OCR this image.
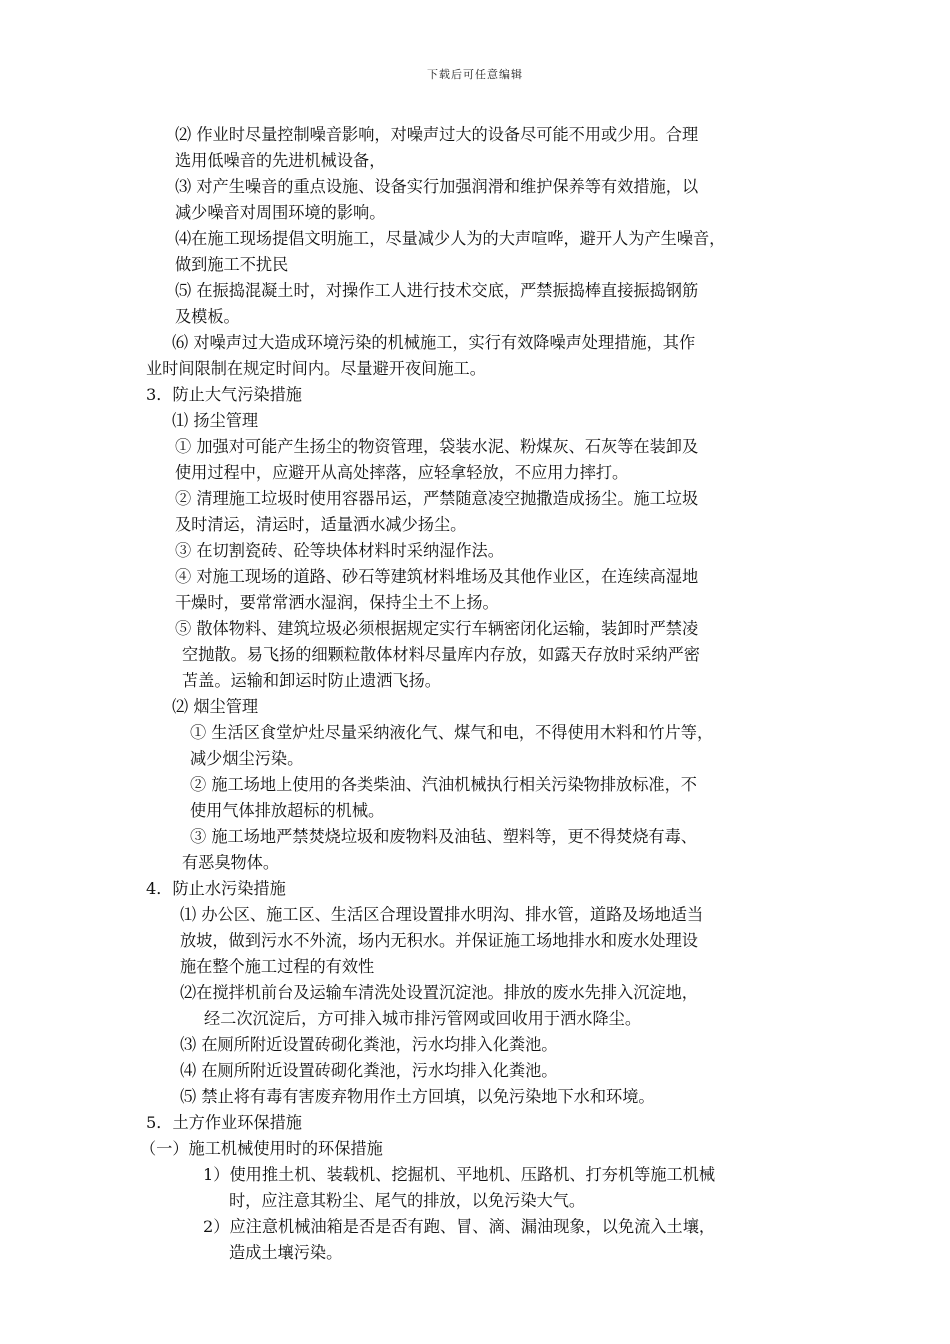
下载后可任意编辑
⑵ 作业时尽量控制噪音影响，对噪声过大的设备尽可能不用或少用。合理
选用低噪音的先进机械设备，
⑶ 对产生噪音的重点设施、设备实行加强润滑和维护保养等有效措施，以
减少噪音对周围环境的影响。
⑷在施工现场提倡文明施工，尽量减少人为的大声喧哗，避开人为产生噪音，
做到施工不扰民
⑸ 在振捣混凝土时，对操作工人进行技术交底，严禁振捣棒直接振捣钢筋
及模板。
⑹ 对噪声过大造成环境污染的机械施工，实行有效降噪声处理措施，其作
业时间限制在规定时间内。尽量避开夜间施工。
3．防止大气污染措施
⑴ 扬尘管理
① 加强对可能产生扬尘的物资管理，袋装水泥、粉煤灰、石灰等在装卸及
使用过程中，应避开从高处摔落，应轻拿轻放，不应用力摔打。
② 清理施工垃圾时使用容器吊运，严禁随意凌空抛撒造成扬尘。施工垃圾
及时清运，清运时，适量洒水减少扬尘。
③ 在切割瓷砖、砼等块体材料时采纳湿作法。
④ 对施工现场的道路、砂石等建筑材料堆场及其他作业区，在连续高湿地
干燥时，要常常洒水湿润，保持尘土不上扬。
⑤ 散体物料、建筑垃圾必须根据规定实行车辆密闭化运输，装卸时严禁凌
空抛散。易飞扬的细颗粒散体材料尽量库内存放，如露天存放时采纳严密
苫盖。运输和卸运时防止遗洒飞扬。
⑵ 烟尘管理
① 生活区食堂炉灶尽量采纳液化气、煤气和电，不得使用木料和竹片等，
减少烟尘污染。
② 施工场地上使用的各类柴油、汽油机械执行相关污染物排放标准，不
使用气体排放超标的机械。
③ 施工场地严禁焚烧垃圾和废物料及油毡、塑料等，更不得焚烧有毒、
有恶臭物体。
4．防止水污染措施
⑴ 办公区、施工区、生活区合理设置排水明沟、排水管，道路及场地适当
放坡，做到污水不外流，场内无积水。并保证施工场地排水和废水处理设
施在整个施工过程的有效性
⑵在搅拌机前台及运输车清洗处设置沉淀池。排放的废水先排入沉淀地，
经二次沉淀后，方可排入城市排污管网或回收用于洒水降尘。
⑶ 在厕所附近设置砖砌化粪池，污水均排入化粪池。
⑷ 在厕所附近设置砖砌化粪池，污水均排入化粪池。
⑸ 禁止将有毒有害废弃物用作土方回填，以免污染地下水和环境。
5．土方作业环保措施
（一）施工机械使用时的环保措施
1）使用推土机、装载机、挖掘机、平地机、压路机、打夯机等施工机械
时，应注意其粉尘、尾气的排放，以免污染大气。
2）应注意机械油箱是否是否有跑、冒、滴、漏油现象，以免流入土壤，
造成土壤污染。
